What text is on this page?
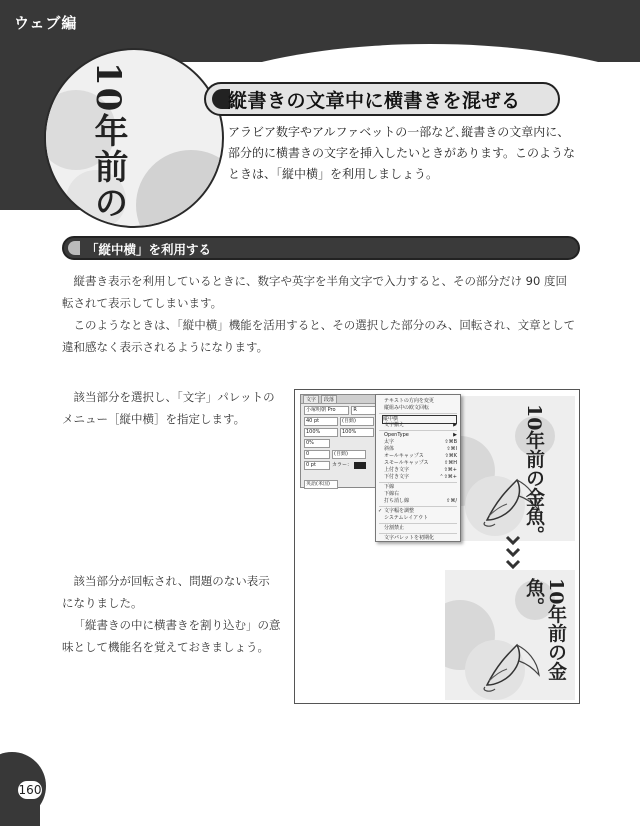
ウェブ編
10年前の	縦書きの文章中に横書きを混ぜる
アラビア数字やアルファベットの一部など､縦書きの文章内に、
部分的に横書きの文字を挿入したいときがあります。このような
ときは、「縦中横」を利用しましょう。
「縦中横」を利用する

縦書き表示を利用しているときに、数字や英字を半角文字で入力すると、その部分だけ 90 度回

転されて表示してしまいます。

このようなときは、「縦中横」機能を活用すると、その選択した部分のみ、回転され、文章として

違和感なく表示されるようになります。

該当部分を選択し、「文字」パレットの

メニュー［縦中横］を指定します。

該当部分が回転され、問題のない表示

になりました。

「縦書きの中に横書きを割り込む」の意

味として機能名を覚えておきましょう。

10年前の金魚。
文字	段落
小塚明朝 Pro	R
40 pt	(自動)
100%	100%
0%
0	(自動)
0 pt	カラー：
英語(米国)
テキストの方向を変更
縦組み中の欧文回転
縦中横
文字揃え	▶
OpenType	▶
太字	⇧⌘B
斜体	⇧⌘I
オールキャップス	⇧⌘K
スモールキャップス	⇧⌘H
上付き文字	⇧⌘+
下付き文字	⌃⇧⌘+
下線
下線右
打ち消し線	⇧⌘/
✓ 文字幅を調整
システムレイアウト
分割禁止
文字パレットを初期化
10年前の金魚。
160
